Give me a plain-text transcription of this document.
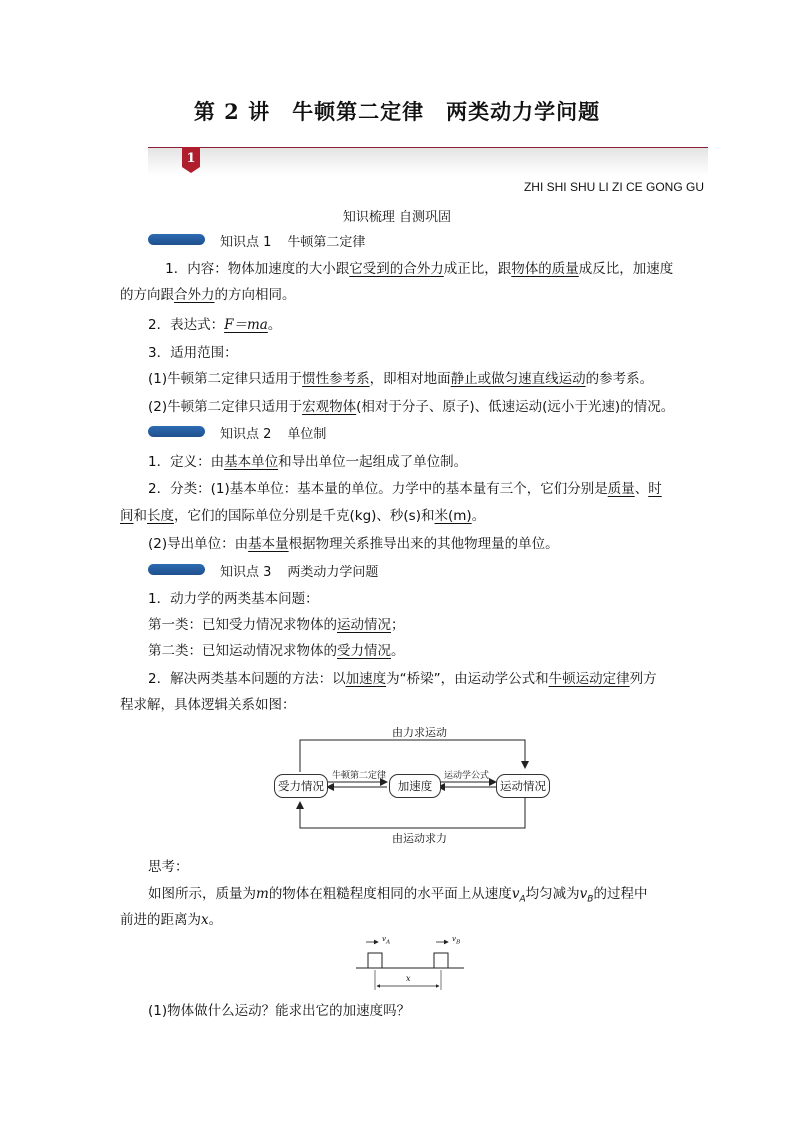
第 2 讲 牛顿第二定律 两类动力学问题
1
ZHI SHI SHU LI ZI CE GONG GU
知识梳理 自测巩固
知识点 1 牛顿第二定律
1．内容：物体加速度的大小跟它受到的合外力成正比，跟物体的质量成反比，加速度
的方向跟合外力的方向相同。
2．表达式：F＝ma。
3．适用范围：
(1)牛顿第二定律只适用于惯性参考系，即相对地面静止或做匀速直线运动的参考系。
(2)牛顿第二定律只适用于宏观物体(相对于分子、原子)、低速运动(远小于光速)的情况。
知识点 2 单位制
1．定义：由基本单位和导出单位一起组成了单位制。
2．分类：(1)基本单位：基本量的单位。力学中的基本量有三个，它们分别是质量、时
间和长度，它们的国际单位分别是千克(kg)、秒(s)和米(m)。
(2)导出单位：由基本量根据物理关系推导出来的其他物理量的单位。
知识点 3 两类动力学问题
1．动力学的两类基本问题：
第一类：已知受力情况求物体的运动情况；
第二类：已知运动情况求物体的受力情况。
2．解决两类基本问题的方法：以加速度为“桥梁”，由运动学公式和牛顿运动定律列方
程求解，具体逻辑关系如图：
由力求运动
由运动求力
受力情况	加速度	运动情况
牛顿第二定律	运动学公式
思考：
如图所示，质量为m的物体在粗糙程度相同的水平面上从速度$v_A$均匀减为$v_B$的过程中
前进的距离为x。
$v_A$	$v_B$
x
(1)物体做什么运动？能求出它的加速度吗？
